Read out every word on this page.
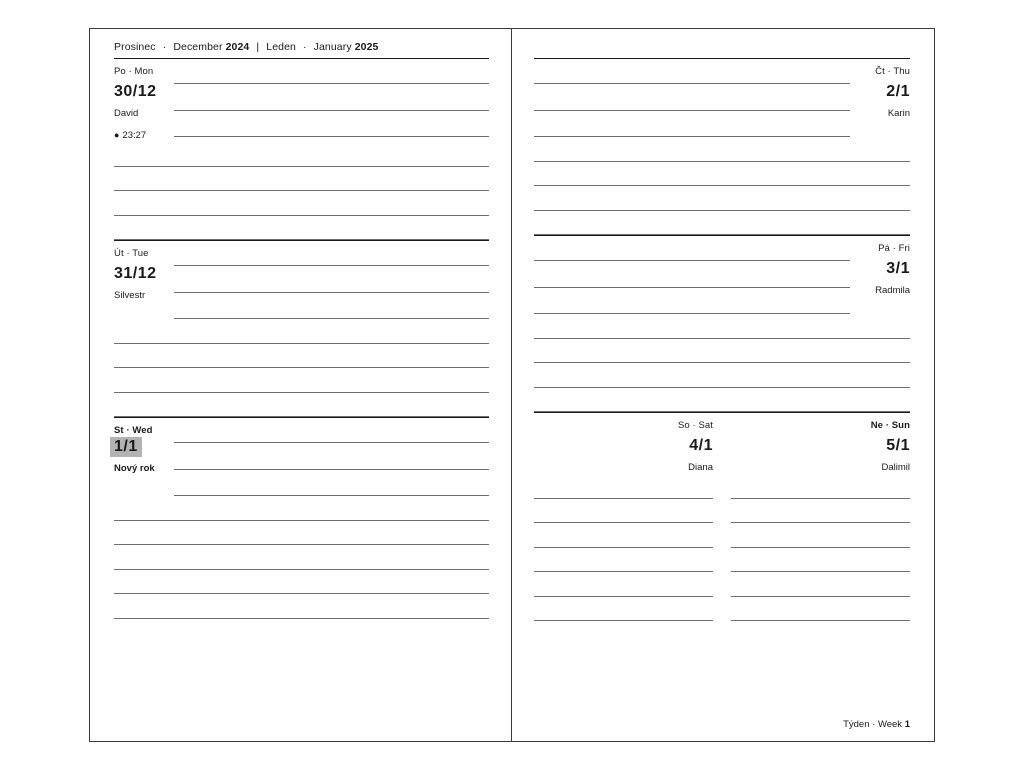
Prosinec · December 2024 | Leden · January 2025
Po · Mon
30/12
David
● 23:27
Út · Tue
31/12
Silvestr
St · Wed
1/1
Nový rok
Čt · Thu
2/1
Karin
Pá · Fri
3/1
Radmila
So · Sat
4/1
Diana
Ne · Sun
5/1
Dalimil
Týden · Week 1
